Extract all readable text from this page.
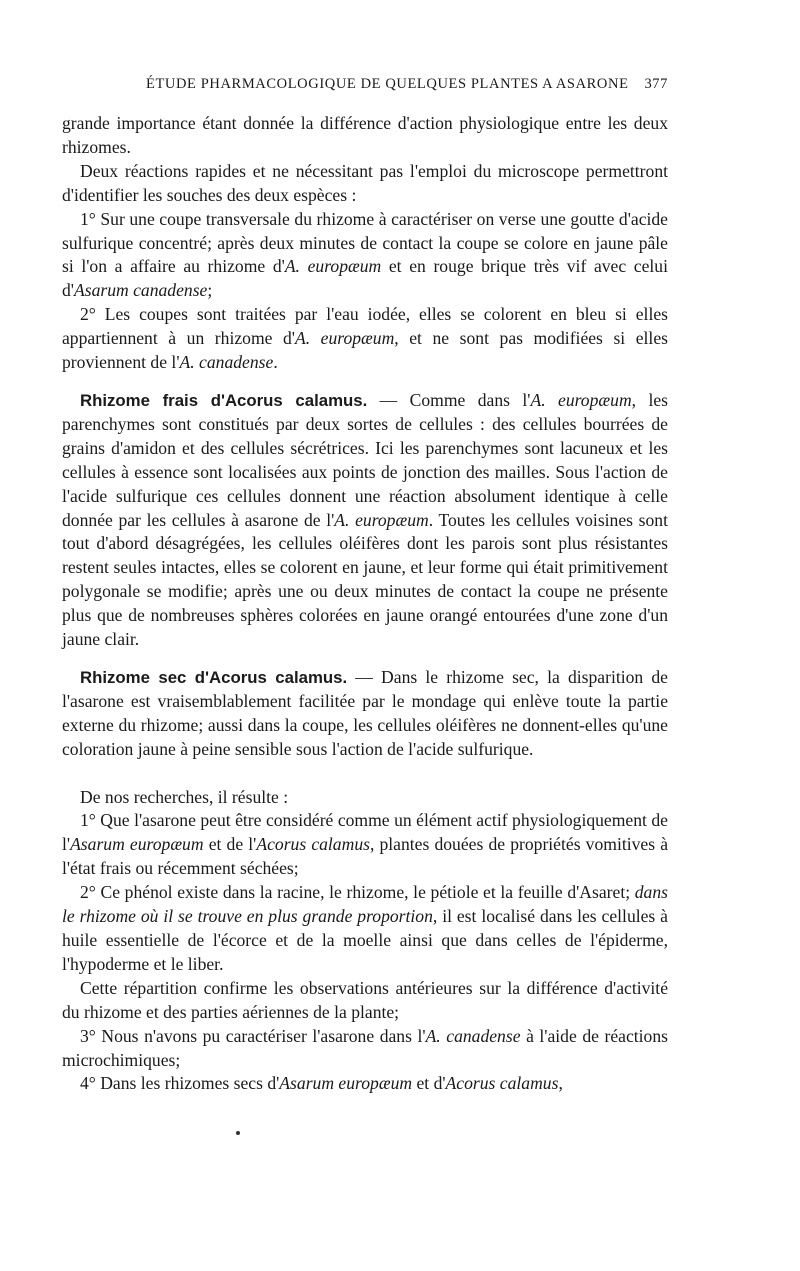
ÉTUDE PHARMACOLOGIQUE DE QUELQUES PLANTES A ASARONE 377

grande importance étant donnée la différence d'action physiologique entre les deux rhizomes.

Deux réactions rapides et ne nécessitant pas l'emploi du microscope permettront d'identifier les souches des deux espèces :

1° Sur une coupe transversale du rhizome à caractériser on verse une goutte d'acide sulfurique concentré; après deux minutes de contact la coupe se colore en jaune pâle si l'on a affaire au rhizome d'A. europæum et en rouge brique très vif avec celui d'Asarum canadense;

2° Les coupes sont traitées par l'eau iodée, elles se colorent en bleu si elles appartiennent à un rhizome d'A. europæum, et ne sont pas modifiées si elles proviennent de l'A. canadense.

Rhizome frais d'Acorus calamus. — Comme dans l'A. europæum, les parenchymes sont constitués par deux sortes de cellules : des cellules bourrées de grains d'amidon et des cellules sécrétrices. Ici les parenchymes sont lacuneux et les cellules à essence sont localisées aux points de jonction des mailles. Sous l'action de l'acide sulfurique ces cellules donnent une réaction absolument identique à celle donnée par les cellules à asarone de l'A. europæum. Toutes les cellules voisines sont tout d'abord désagrégées, les cellules oléifères dont les parois sont plus résistantes restent seules intactes, elles se colorent en jaune, et leur forme qui était primitivement polygonale se modifie; après une ou deux minutes de contact la coupe ne présente plus que de nombreuses sphères colorées en jaune orangé entourées d'une zone d'un jaune clair.

Rhizome sec d'Acorus calamus. — Dans le rhizome sec, la disparition de l'asarone est vraisemblablement facilitée par le mondage qui enlève toute la partie externe du rhizome; aussi dans la coupe, les cellules oléifères ne donnent-elles qu'une coloration jaune à peine sensible sous l'action de l'acide sulfurique.

De nos recherches, il résulte :

1° Que l'asarone peut être considéré comme un élément actif physiologiquement de l'Asarum europæum et de l'Acorus calamus, plantes douées de propriétés vomitives à l'état frais ou récemment séchées;

2° Ce phénol existe dans la racine, le rhizome, le pétiole et la feuille d'Asaret; dans le rhizome où il se trouve en plus grande proportion, il est localisé dans les cellules à huile essentielle de l'écorce et de la moelle ainsi que dans celles de l'épiderme, l'hypoderme et le liber.

Cette répartition confirme les observations antérieures sur la différence d'activité du rhizome et des parties aériennes de la plante;

3° Nous n'avons pu caractériser l'asarone dans l'A. canadense à l'aide de réactions microchimiques;

4° Dans les rhizomes secs d'Asarum europæum et d'Acorus calamus,
